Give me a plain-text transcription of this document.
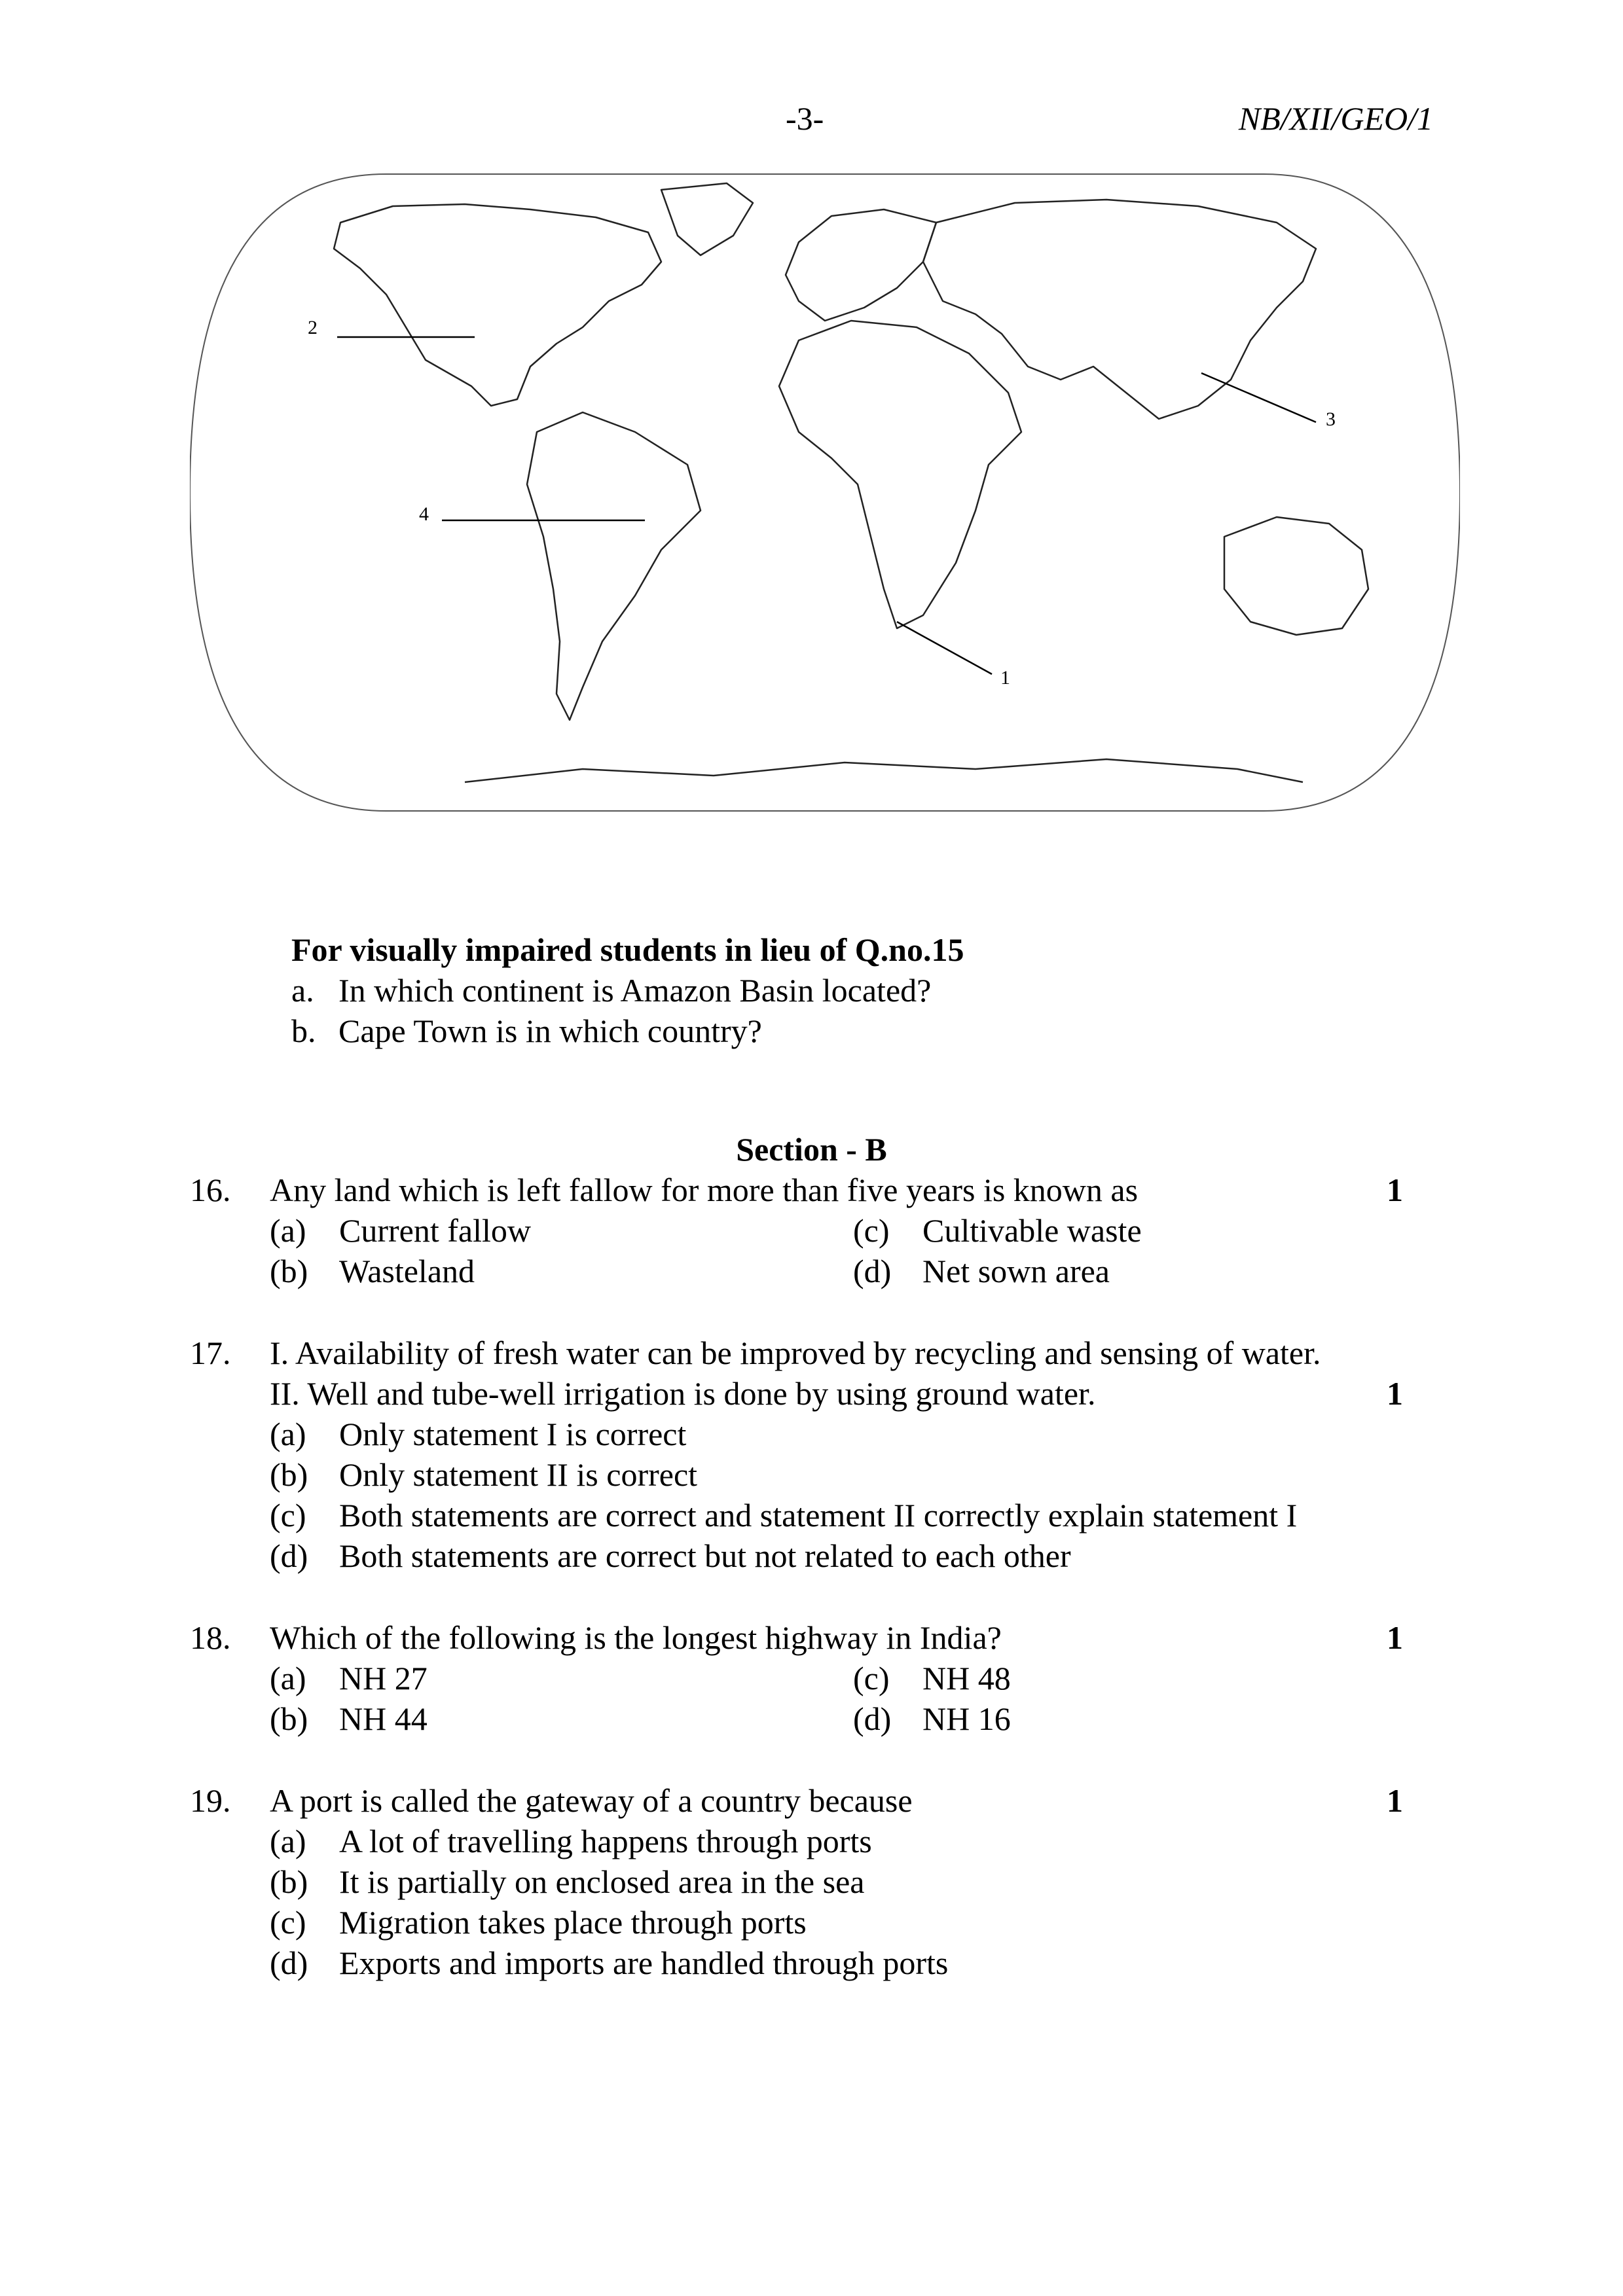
-3-	NB/XII/GEO/1
1
2
3
4
For visually impaired students in lieu of Q.no.15
a. In which continent is Amazon Basin located?
b. Cape Town is in which country?
Section - B
16. Any land which is left fallow for more than five years is known as	1
(a) Current fallow
(b) Wasteland
(c) Cultivable waste
(d) Net sown area
17. I. Availability of fresh water can be improved by recycling and sensing of water.
II. Well and tube-well irrigation is done by using ground water.	1
(a) Only statement I is correct
(b) Only statement II is correct
(c) Both statements are correct and statement II correctly explain statement I
(d) Both statements are correct but not related to each other
18. Which of the following is the longest highway in India?	1
(a) NH 27
(b) NH 44
(c) NH 48
(d) NH 16
19. A port is called the gateway of a country because	1
(a) A lot of travelling happens through ports
(b) It is partially on enclosed area in the sea
(c) Migration takes place through ports
(d) Exports and imports are handled through ports
